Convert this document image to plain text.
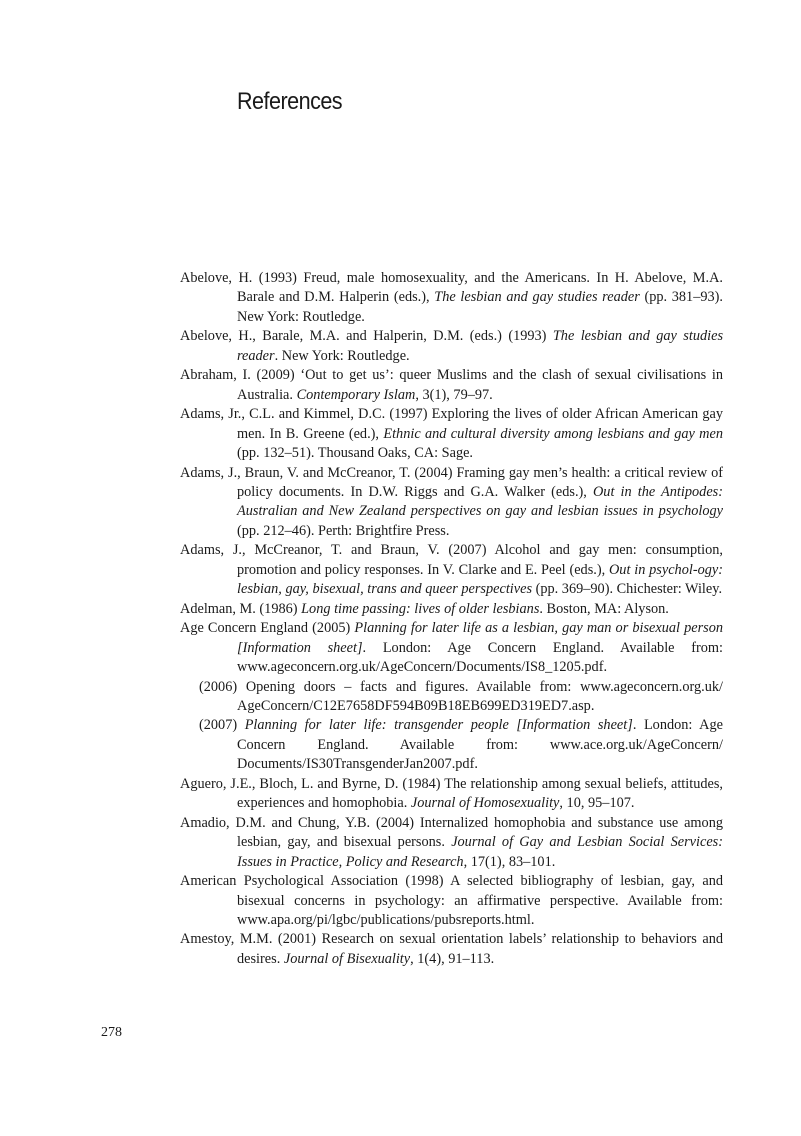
References

Abelove, H. (1993) Freud, male homosexuality, and the Americans. In H. Abelove, M.A. Barale and D.M. Halperin (eds.), The lesbian and gay studies reader (pp. 381–93). New York: Routledge.

Abelove, H., Barale, M.A. and Halperin, D.M. (eds.) (1993) The lesbian and gay studies reader. New York: Routledge.

Abraham, I. (2009) ‘Out to get us’: queer Muslims and the clash of sexual civilisations in Australia. Contemporary Islam, 3(1), 79–97.

Adams, Jr., C.L. and Kimmel, D.C. (1997) Exploring the lives of older African American gay men. In B. Greene (ed.), Ethnic and cultural diversity among lesbians and gay men (pp. 132–51). Thousand Oaks, CA: Sage.

Adams, J., Braun, V. and McCreanor, T. (2004) Framing gay men’s health: a critical review of policy documents. In D.W. Riggs and G.A. Walker (eds.), Out in the Antipodes: Australian and New Zealand perspectives on gay and lesbian issues in psychology (pp. 212–46). Perth: Brightfire Press.

Adams, J., McCreanor, T. and Braun, V. (2007) Alcohol and gay men: consumption, promotion and policy responses. In V. Clarke and E. Peel (eds.), Out in psychol-ogy: lesbian, gay, bisexual, trans and queer perspectives (pp. 369–90). Chichester: Wiley.

Adelman, M. (1986) Long time passing: lives of older lesbians. Boston, MA: Alyson.

Age Concern England (2005) Planning for later life as a lesbian, gay man or bisexual person [Information sheet]. London: Age Concern England. Available from: www.ageconcern.org.uk/AgeConcern/Documents/IS8_1205.pdf.

(2006) Opening doors – facts and figures. Available from: www.ageconcern.org.uk/ AgeConcern/C12E7658DF594B09B18EB699ED319ED7.asp.

(2007) Planning for later life: transgender people [Information sheet]. London: Age Concern England. Available from: www.ace.org.uk/AgeConcern/ Documents/IS30TransgenderJan2007.pdf.

Aguero, J.E., Bloch, L. and Byrne, D. (1984) The relationship among sexual beliefs, attitudes, experiences and homophobia. Journal of Homosexuality, 10, 95–107.

Amadio, D.M. and Chung, Y.B. (2004) Internalized homophobia and substance use among lesbian, gay, and bisexual persons. Journal of Gay and Lesbian Social Services: Issues in Practice, Policy and Research, 17(1), 83–101.

American Psychological Association (1998) A selected bibliography of lesbian, gay, and bisexual concerns in psychology: an affirmative perspective. Available from: www.apa.org/pi/lgbc/publications/pubsreports.html.

Amestoy, M.M. (2001) Research on sexual orientation labels’ relationship to behaviors and desires. Journal of Bisexuality, 1(4), 91–113.

278
